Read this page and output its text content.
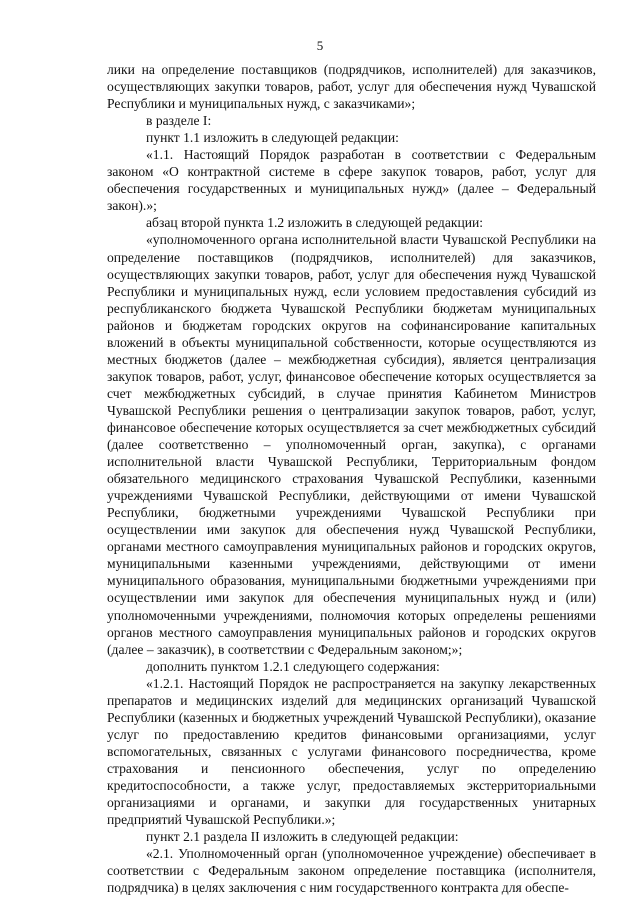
5

лики на определение поставщиков (подрядчиков, исполнителей) для заказчиков, осуществляющих закупки товаров, работ, услуг для обеспечения нужд Чувашской Республики и муниципальных нужд, с заказчиками»;

в разделе I:

пункт 1.1 изложить в следующей редакции:

«1.1. Настоящий Порядок разработан в соответствии с Федеральным законом «О контрактной системе в сфере закупок товаров, работ, услуг для обеспечения государственных и муниципальных нужд» (далее – Федеральный закон).»;

абзац второй пункта 1.2 изложить в следующей редакции:

«уполномоченного органа исполнительной власти Чувашской Республики на определение поставщиков (подрядчиков, исполнителей) для заказчиков, осуществляющих закупки товаров, работ, услуг для обеспечения нужд Чувашской Республики и муниципальных нужд, если условием предоставления субсидий из республиканского бюджета Чувашской Республики бюджетам муниципальных районов и бюджетам городских округов на софинансирование капитальных вложений в объекты муниципальной собственности, которые осуществляются из местных бюджетов (далее – межбюджетная субсидия), является централизация закупок товаров, работ, услуг, финансовое обеспечение которых осуществляется за счет межбюджетных субсидий, в случае принятия Кабинетом Министров Чувашской Республики решения о централизации закупок товаров, работ, услуг, финансовое обеспечение которых осуществляется за счет межбюджетных субсидий (далее соответственно – уполномоченный орган, закупка), с органами исполнительной власти Чувашской Республики, Территориальным фондом обязательного медицинского страхования Чувашской Республики, казенными учреждениями Чувашской Республики, действующими от имени Чувашской Республики, бюджетными учреждениями Чувашской Республики при осуществлении ими закупок для обеспечения нужд Чувашской Республики, органами местного самоуправления муниципальных районов и городских округов, муниципальными казенными учреждениями, действующими от имени муниципального образования, муниципальными бюджетными учреждениями при осуществлении ими закупок для обеспечения муниципальных нужд и (или) уполномоченными учреждениями, полномочия которых определены решениями органов местного самоуправления муниципальных районов и городских округов (далее – заказчик), в соответствии с Федеральным законом;»;

дополнить пунктом 1.2.1 следующего содержания:

«1.2.1. Настоящий Порядок не распространяется на закупку лекарственных препаратов и медицинских изделий для медицинских организаций Чувашской Республики (казенных и бюджетных учреждений Чувашской Республики), оказание услуг по предоставлению кредитов финансовыми организациями, услуг вспомогательных, связанных с услугами финансового посредничества, кроме страхования и пенсионного обеспечения, услуг по определению кредитоспособности, а также услуг, предоставляемых экстерриториальными организациями и органами, и закупки для государственных унитарных предприятий Чувашской Республики.»;

пункт 2.1 раздела II изложить в следующей редакции:

«2.1. Уполномоченный орган (уполномоченное учреждение) обеспечивает в соответствии с Федеральным законом определение поставщика (исполнителя, подрядчика) в целях заключения с ним государственного контракта для обеспе-
